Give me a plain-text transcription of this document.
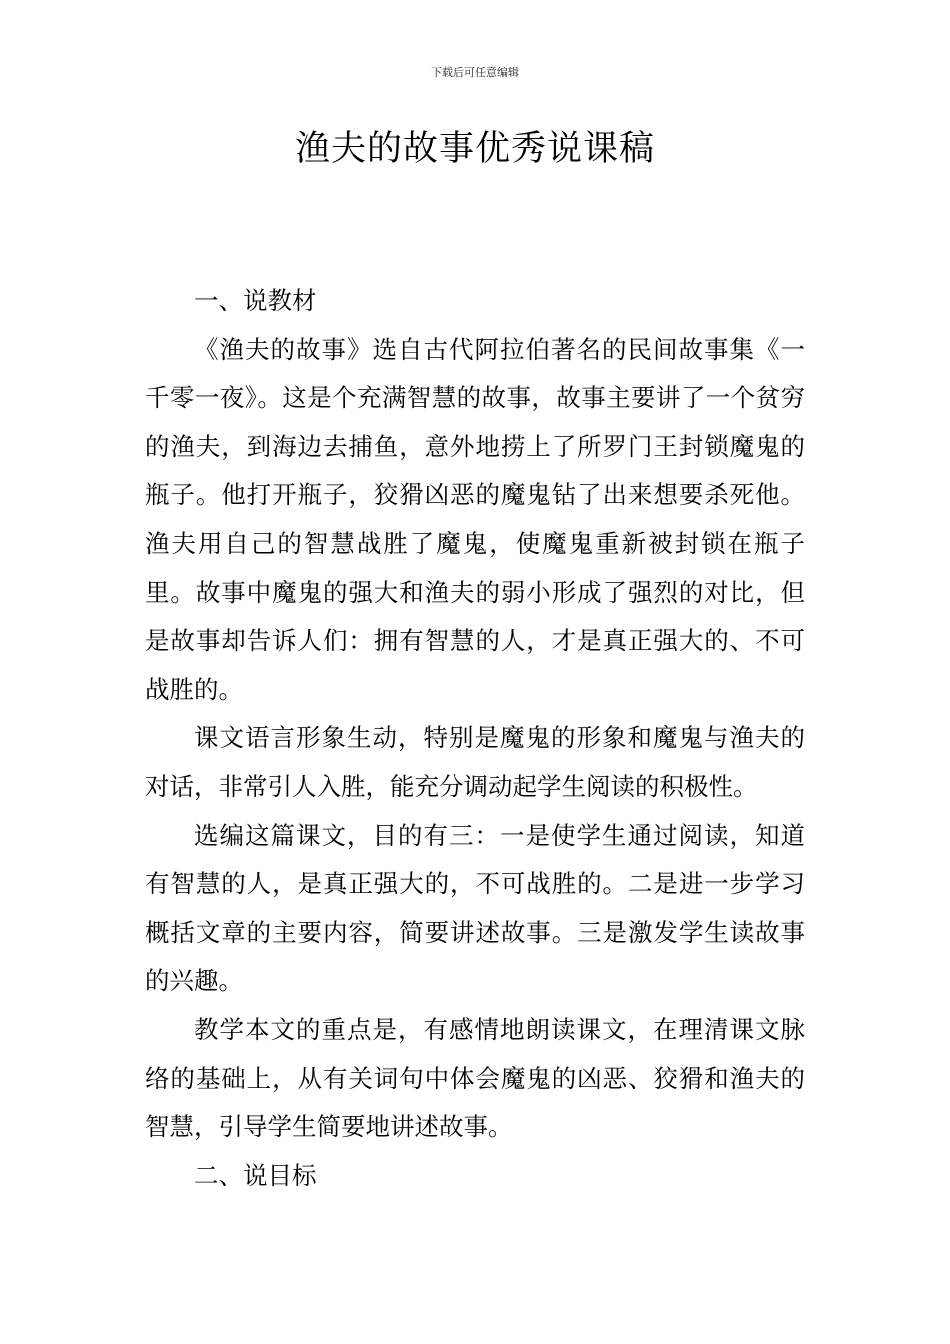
下载后可任意编辑
渔夫的故事优秀说课稿
一、说教材

《渔夫的故事》选自古代阿拉伯著名的民间故事集《一千零一夜》。这是个充满智慧的故事，故事主要讲了一个贫穷的渔夫，到海边去捕鱼，意外地捞上了所罗门王封锁魔鬼的瓶子。他打开瓶子，狡猾凶恶的魔鬼钻了出来想要杀死他。渔夫用自己的智慧战胜了魔鬼，使魔鬼重新被封锁在瓶子里。故事中魔鬼的强大和渔夫的弱小形成了强烈的对比，但是故事却告诉人们：拥有智慧的人，才是真正强大的、不可战胜的。

课文语言形象生动，特别是魔鬼的形象和魔鬼与渔夫的对话，非常引人入胜，能充分调动起学生阅读的积极性。

选编这篇课文，目的有三：一是使学生通过阅读，知道有智慧的人，是真正强大的，不可战胜的。二是进一步学习概括文章的主要内容，简要讲述故事。三是激发学生读故事的兴趣。

教学本文的重点是，有感情地朗读课文，在理清课文脉络的基础上，从有关词句中体会魔鬼的凶恶、狡猾和渔夫的智慧，引导学生简要地讲述故事。

二、说目标
